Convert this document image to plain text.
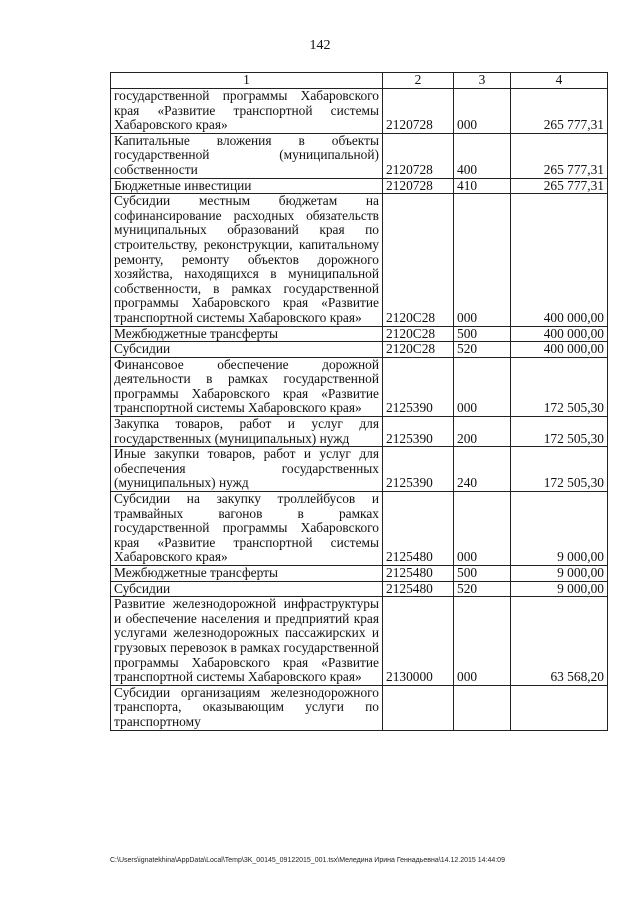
142
1	2	3	4
государственной программы Хабаровского края «Развитие транспортной системы Хабаровского края»	2120728	000	265 777,31
Капитальные вложения в объекты государственной (муниципальной) собственности	2120728	400	265 777,31
Бюджетные инвестиции	2120728	410	265 777,31
Субсидии местным бюджетам на софинансирование расходных обязательств муниципальных образований края по строительству, реконструкции, капитальному ремонту, ремонту объектов дорожного хозяйства, находящихся в муниципальной собственности, в рамках государственной программы Хабаровского края «Развитие транспортной системы Хабаровского края»	2120С28	000	400 000,00
Межбюджетные трансферты	2120С28	500	400 000,00
Субсидии	2120С28	520	400 000,00
Финансовое обеспечение дорожной деятельности в рамках государственной программы Хабаровского края «Развитие транспортной системы Хабаровского края»	2125390	000	172 505,30
Закупка товаров, работ и услуг для государственных (муниципальных) нужд	2125390	200	172 505,30
Иные закупки товаров, работ и услуг для обеспечения государственных (муниципальных) нужд	2125390	240	172 505,30
Субсидии на закупку троллейбусов и трамвайных вагонов в рамках государственной программы Хабаровского края «Развитие транспортной системы Хабаровского края»	2125480	000	9 000,00
Межбюджетные трансферты	2125480	500	9 000,00
Субсидии	2125480	520	9 000,00
Развитие железнодорожной инфраструктуры и обеспечение населения и предприятий края услугами железнодорожных пассажирских и грузовых перевозок в рамках государственной программы Хабаровского края «Развитие транспортной системы Хабаровского края»	2130000	000	63 568,20
Субсидии организациям железнодорожного транспорта, оказывающим услуги по транспортному			
C:\Users\ignatekhina\AppData\Local\Temp\3K_00145_09122015_001.tsx\Меледина Ирина Геннадьевна\14.12.2015 14:44:09
